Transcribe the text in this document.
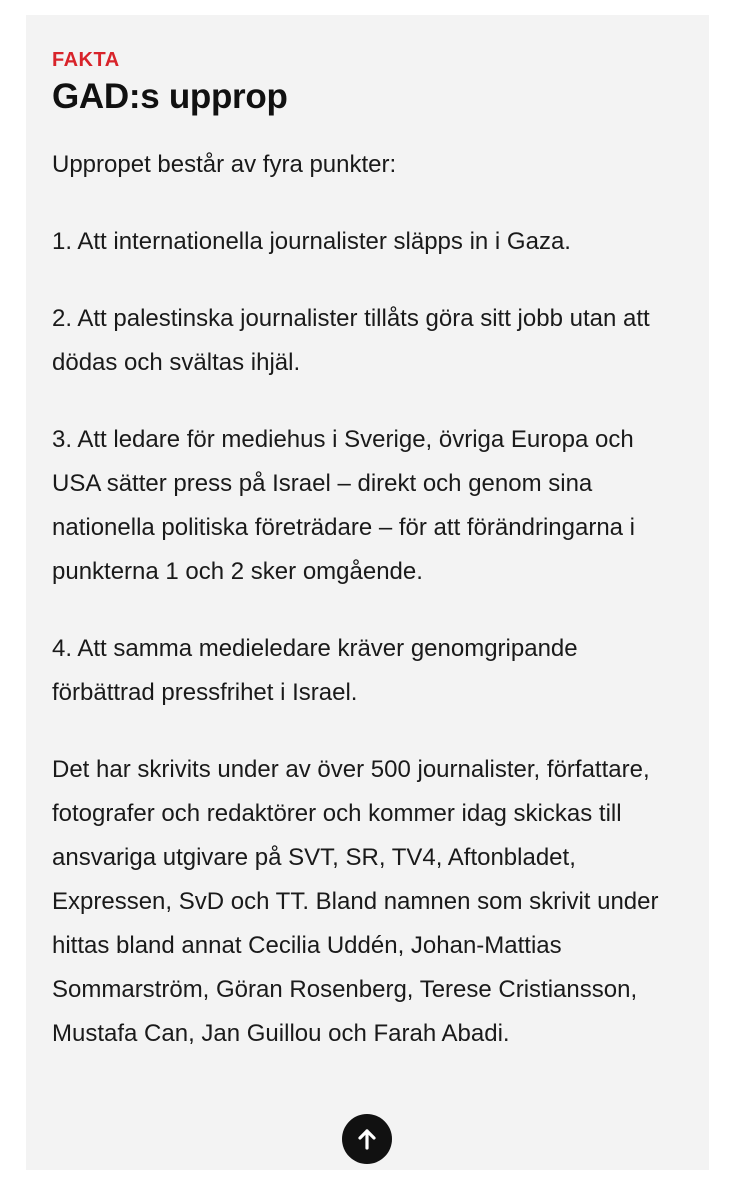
FAKTA
GAD:s upprop

Uppropet består av fyra punkter:

1. Att internationella journalister släpps in i Gaza.

2. Att palestinska journalister tillåts göra sitt jobb utan att dödas och svältas ihjäl.

3. Att ledare för mediehus i Sverige, övriga Europa och USA sätter press på Israel – direkt och genom sina nationella politiska företrädare – för att förändringarna i punkterna 1 och 2 sker omgående.

4. Att samma medieledare kräver genomgripande förbättrad pressfrihet i Israel.

Det har skrivits under av över 500 journalister, författare, fotografer och redaktörer och kommer idag skickas till ansvariga utgivare på SVT, SR, TV4, Aftonbladet, Expressen, SvD och TT. Bland namnen som skrivit under hittas bland annat Cecilia Uddén, Johan-Mattias Sommarström, Göran Rosenberg, Terese Cristiansson, Mustafa Can, Jan Guillou och Farah Abadi.
